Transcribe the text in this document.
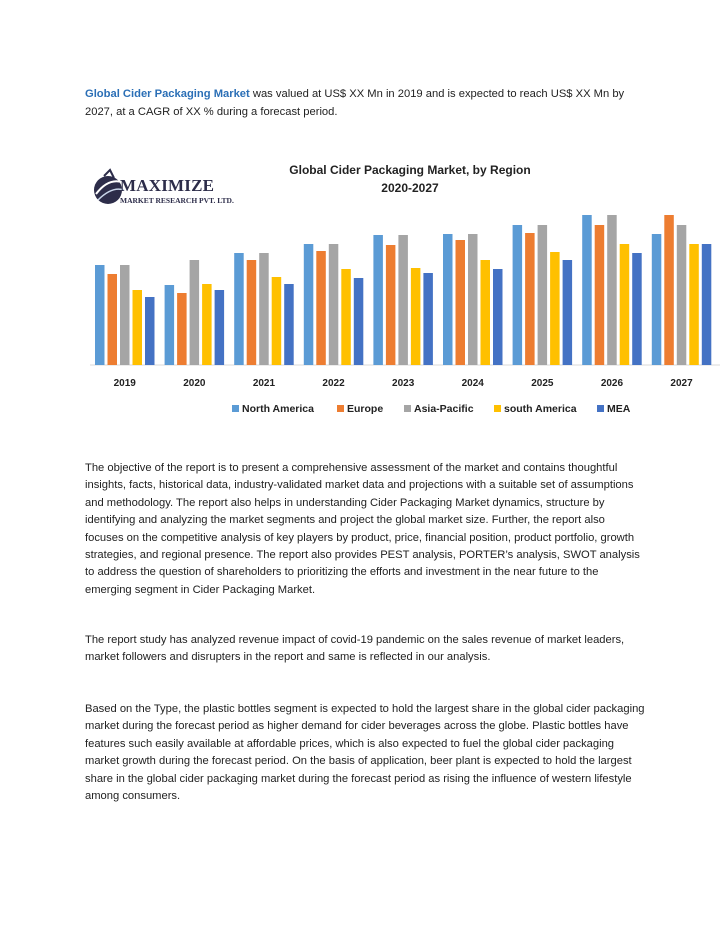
Global Cider Packaging Market was valued at US$ XX Mn in 2019 and is expected to reach US$ XX Mn by 2027, at a CAGR of XX % during a forecast period.
MAXIMIZE
MARKET RESEARCH PVT. LTD.
Global Cider Packaging Market, by Region
2020-2027
2019	2020	2021	2022	2023	2024	2025	2026	2027
North America	Europe	Asia-Pacific	south America	MEA
The objective of the report is to present a comprehensive assessment of the market and contains thoughtful insights, facts, historical data, industry-validated market data and projections with a suitable set of assumptions and methodology. The report also helps in understanding Cider Packaging Market dynamics, structure by identifying and analyzing the market segments and project the global market size. Further, the report also focuses on the competitive analysis of key players by product, price, financial position, product portfolio, growth strategies, and regional presence. The report also provides PEST analysis, PORTER’s analysis, SWOT analysis to address the question of shareholders to prioritizing the efforts and investment in the near future to the emerging segment in Cider Packaging Market.
The report study has analyzed revenue impact of covid-19 pandemic on the sales revenue of market leaders, market followers and disrupters in the report and same is reflected in our analysis.
Based on the Type, the plastic bottles segment is expected to hold the largest share in the global cider packaging market during the forecast period as higher demand for cider beverages across the globe. Plastic bottles have features such easily available at affordable prices, which is also expected to fuel the global cider packaging market growth during the forecast period. On the basis of application, beer plant is expected to hold the largest share in the global cider packaging market during the forecast period as rising the influence of western lifestyle among consumers.
